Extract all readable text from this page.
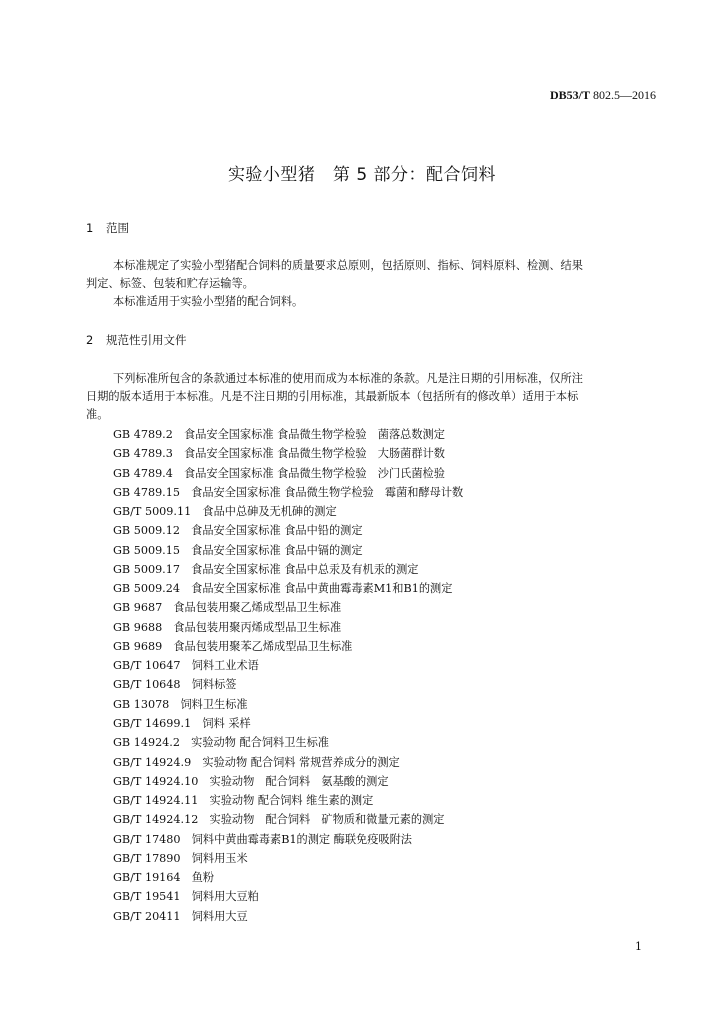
DB53/T 802.5—2016
实验小型猪　第 5 部分：配合饲料
1 范围
本标准规定了实验小型猪配合饲料的质量要求总原则，包括原则、指标、饲料原料、检测、结果
判定、标签、包装和贮存运输等。
本标准适用于实验小型猪的配合饲料。
2 规范性引用文件
下列标准所包含的条款通过本标准的使用而成为本标准的条款。凡是注日期的引用标准，仅所注
日期的版本适用于本标准。凡是不注日期的引用标准，其最新版本（包括所有的修改单）适用于本标
准。
GB 4789.2　食品安全国家标准 食品微生物学检验　菌落总数测定
GB 4789.3　食品安全国家标准 食品微生物学检验　大肠菌群计数
GB 4789.4　食品安全国家标准 食品微生物学检验　沙门氏菌检验
GB 4789.15　食品安全国家标准 食品微生物学检验　霉菌和酵母计数
GB/T 5009.11　食品中总砷及无机砷的测定
GB 5009.12　食品安全国家标准 食品中铅的测定
GB 5009.15　食品安全国家标准 食品中镉的测定
GB 5009.17　食品安全国家标准 食品中总汞及有机汞的测定
GB 5009.24　食品安全国家标准 食品中黄曲霉毒素M1和B1的测定
GB 9687　食品包装用聚乙烯成型品卫生标准
GB 9688　食品包装用聚丙烯成型品卫生标准
GB 9689　食品包装用聚苯乙烯成型品卫生标准
GB/T 10647　饲料工业术语
GB/T 10648　饲料标签
GB 13078　饲料卫生标准
GB/T 14699.1　饲料 采样
GB 14924.2　实验动物 配合饲料卫生标准
GB/T 14924.9　实验动物 配合饲料 常规营养成分的测定
GB/T 14924.10　实验动物　配合饲料　氨基酸的测定
GB/T 14924.11　实验动物 配合饲料 维生素的测定
GB/T 14924.12　实验动物　配合饲料　矿物质和微量元素的测定
GB/T 17480　饲料中黄曲霉毒素B1的测定 酶联免疫吸附法
GB/T 17890　饲料用玉米
GB/T 19164　鱼粉
GB/T 19541　饲料用大豆粕
GB/T 20411　饲料用大豆
1
